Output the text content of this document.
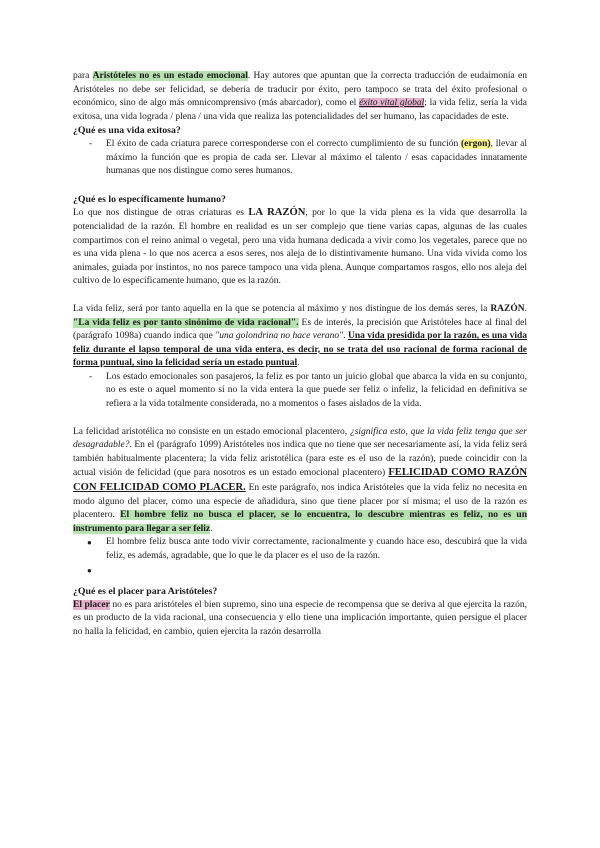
para Aristóteles no es un estado emocional. Hay autores que apuntan que la correcta traducción de eudaimonía en Aristóteles no debe ser felicidad, se debería de traducir por éxito, pero tampoco se trata del éxito profesional o económico, sino de algo más omnicomprensivo (más abarcador), como el éxito vital global; la vida feliz, sería la vida exitosa, una vida lograda / plena / una vida que realiza las potencialidades del ser humano, las capacidades de este.

¿Qué es una vida exitosa?

- El éxito de cada criatura parece corresponderse con el correcto cumplimiento de su función (ergon), llevar al máximo la función que es propia de cada ser. Llevar al máximo el talento / esas capacidades innatamente humanas que nos distingue como seres humanos.

¿Qué es lo específicamente humano?

Lo que nos distingue de otras criaturas es LA RAZÓN, por lo que la vida plena es la vida que desarrolla la potencialidad de la razón. El hombre en realidad es un ser complejo que tiene varias capas, algunas de las cuales compartimos con el reino animal o vegetal, pero una vida humana dedicada a vivir como los vegetales, parece que no es una vida plena - lo que nos acerca a esos seres, nos aleja de lo distintivamente humano. Una vida vivida como los animales, guiada por instintos, no nos parece tampoco una vida plena. Aunque compartamos rasgos, ello nos aleja del cultivo de lo específicamente humano, que es la razón.

La vida feliz, será por tanto aquella en la que se potencia al máximo y nos distingue de los demás seres, la RAZÓN. "La vida feliz es por tanto sinónimo de vida racional". Es de interés, la precisión que Aristóteles hace al final del (parágrafo 1098a) cuando indica que "una golondrina no hace verano". Una vida presidida por la razón, es una vida feliz durante el lapso temporal de una vida entera, es decir, no se trata del uso racional de forma racional de forma puntual, sino la felicidad sería un estado puntual.

- Los estado emocionales son pasajeros, la feliz es por tanto un juicio global que abarca la vida en su conjunto, no es este o aquel momento sí no la vida entera la que puede ser feliz o infeliz, la felicidad en definitiva se refiera a la vida totalmente considerada, no a momentos o fases aislados de la vida.

La felicidad aristotélica no consiste en un estado emocional placentero, ¿significa esto, que la vida feliz tenga que ser desagradable?. En el (parágrafo 1099) Aristóteles nos indica que no tiene que ser necesariamente así, la vida feliz será también habitualmente placentera; la vida feliz aristotélica (para este es el uso de la razón), puede coincidir con la actual visión de felicidad (que para nosotros es un estado emocional placentero) FELICIDAD COMO RAZÓN CON FELICIDAD COMO PLACER. En este parágrafo, nos indica Aristóteles que la vida feliz no necesita en modo alguno del placer, como una especie de añadidura, sino que tiene placer por sí misma; el uso de la razón es placentero. El hombre feliz no busca el placer, se lo encuentra, lo descubre mientras es feliz, no es un instrumento para llegar a ser feliz.

● El hombre feliz busca ante todo vivir correctamente, racionalmente y cuando hace eso, descubirá que la vida feliz, es además, agradable, que lo que le da placer es el uso de la razón.
●

¿Qué es el placer para Aristóteles?

El placer no es para aristóteles el bien supremo, sino una especie de recompensa que se deriva al que ejercita la razón, es un producto de la vida racional, una consecuencia y ello tiene una implicación importante, quien persigue el placer no halla la felicidad, en cambio, quien ejercita la razón desarrolla
